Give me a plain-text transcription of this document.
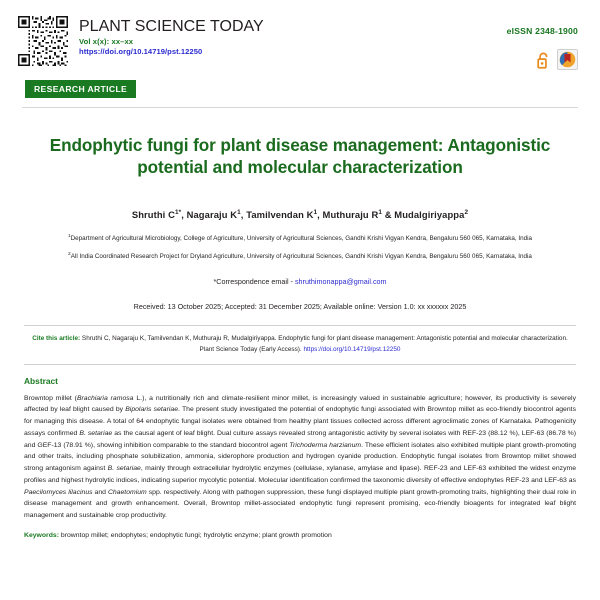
PLANT SCIENCE TODAY
Vol x(x): xx–xx
https://doi.org/10.14719/pst.12250
eISSN 2348-1900
RESEARCH ARTICLE
Endophytic fungi for plant disease management: Antagonistic potential and molecular characterization
Shruthi $C^{1*}$, Nagaraju $K^1$, Tamilvendan $K^1$, Muthuraju $R^1$ & Mudalgiriyappa$^2$

$^1$Department of Agricultural Microbiology, College of Agriculture, University of Agricultural Sciences, Gandhi Krishi Vigyan Kendra, Bengaluru 560 065, Karnataka, India

$^2$All India Coordinated Research Project for Dryland Agriculture, University of Agricultural Sciences, Gandhi Krishi Vigyan Kendra, Bengaluru 560 065, Karnataka, India

*Correspondence email - shruthimonappa@gmail.com
Received: 13 October 2025; Accepted: 31 December 2025; Available online: Version 1.0: xx xxxxxx 2025
Cite this article: Shruthi C, Nagaraju K, Tamilvendan K, Muthuraju R, Mudalgiriyappa. Endophytic fungi for plant disease management: Antagonistic potential and molecular characterization. Plant Science Today (Early Access). https://doi.org/10.14719/pst.12250
Abstract
Browntop millet (Brachiaria ramosa L.), a nutritionally rich and climate-resilient minor millet, is increasingly valued in sustainable agriculture; however, its productivity is severely affected by leaf blight caused by Bipolaris setariae. The present study investigated the potential of endophytic fungi associated with Browntop millet as eco-friendly biocontrol agents for managing this disease. A total of 64 endophytic fungal isolates were obtained from healthy plant tissues collected across different agroclimatic zones of Karnataka. Pathogenicity assays confirmed B. setariae as the causal agent of leaf blight. Dual culture assays revealed strong antagonistic activity by several isolates with REF-23 (88.12 %), LEF-63 (86.78 %) and GEF-13 (78.91 %), showing inhibition comparable to the standard biocontrol agent Trichoderma harzianum. These efficient isolates also exhibited multiple plant growth-promoting and other traits, including phosphate solubilization, ammonia, siderophore production and hydrogen cyanide production. Endophytic fungal isolates from Browntop millet showed strong antagonism against B. setariae, mainly through extracellular hydrolytic enzymes (cellulase, xylanase, amylase and lipase). REF-23 and LEF-63 exhibited the widest enzyme profiles and highest hydrolytic indices, indicating superior mycolytic potential. Molecular identification confirmed the taxonomic diversity of effective endophytes REF-23 and LEF-63 as Paecilomyces lilacinus and Chaetomium spp. respectively. Along with pathogen suppression, these fungi displayed multiple plant growth-promoting traits, highlighting their dual role in disease management and growth enhancement. Overall, Browntop millet-associated endophytic fungi represent promising, eco-friendly bioagents for integrated leaf blight management and sustainable crop productivity.
Keywords: browntop millet; endophytes; endophytic fungi; hydrolytic enzyme; plant growth promotion
